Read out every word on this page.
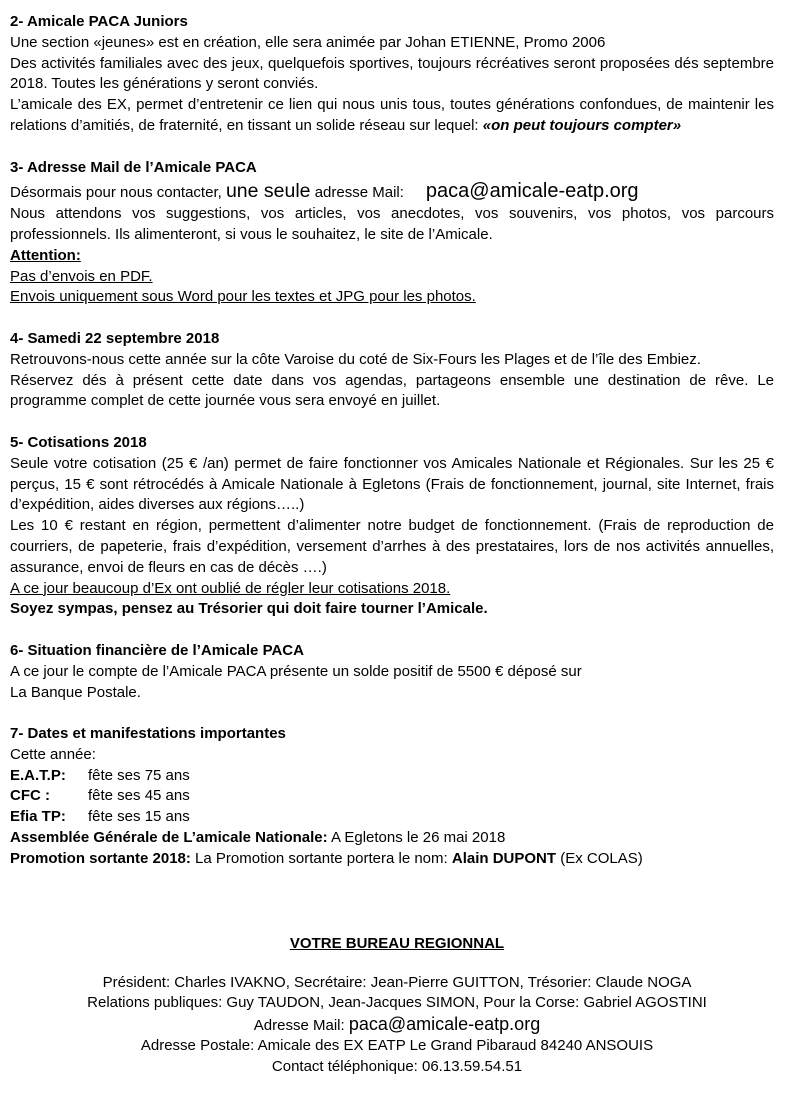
2- Amicale PACA Juniors
Une section «jeunes» est en création, elle sera animée par Johan ETIENNE, Promo 2006
Des activités familiales avec des jeux, quelquefois sportives, toujours récréatives seront proposées dés septembre 2018. Toutes les générations y seront conviés.
L’amicale des EX, permet d’entretenir ce lien qui nous unis tous, toutes générations confondues, de maintenir les relations d’amitiés, de fraternité, en tissant un solide réseau sur lequel: «on peut toujours compter»
3- Adresse Mail de l’Amicale PACA
Désormais pour nous contacter, une seule adresse Mail: paca@amicale-eatp.org
Nous attendons vos suggestions, vos articles, vos anecdotes, vos souvenirs, vos photos, vos parcours professionnels. Ils alimenteront, si vous le souhaitez, le site de l’Amicale.
Attention:
Pas d’envois en PDF.
Envois uniquement sous Word pour les textes et JPG pour les photos.
4- Samedi 22 septembre 2018
Retrouvons-nous cette année sur la côte Varoise du coté de Six-Fours les Plages et de l’île des Embiez.
Réservez dés à présent cette date dans vos agendas, partageons ensemble une destination de rêve. Le programme complet de cette journée vous sera envoyé en juillet.
5- Cotisations 2018
Seule votre cotisation (25 € /an) permet de faire fonctionner vos Amicales Nationale et Régionales. Sur les 25 € perçus, 15 € sont rétrocédés à Amicale Nationale à Egletons (Frais de fonctionnement, journal, site Internet, frais d’expédition, aides diverses aux régions…..)
Les 10 € restant en région, permettent d’alimenter notre budget de fonctionnement. (Frais de reproduction de courriers, de papeterie, frais d’expédition, versement d’arrhes à des prestataires, lors de nos activités annuelles, assurance, envoi de fleurs en cas de décès ….)
A ce jour beaucoup d’Ex ont oublié de régler leur cotisations 2018.
Soyez sympas, pensez au Trésorier qui doit faire tourner l’Amicale.
6- Situation financière de l’Amicale PACA
A ce jour le compte de l’Amicale PACA présente un solde positif de 5500 € déposé sur
La Banque Postale.
7- Dates et manifestations importantes
Cette année:
E.A.T.P: fête ses 75 ans
CFC :	fête ses 45 ans
Efia TP: fête ses 15 ans
Assemblée Générale de L’amicale Nationale: A Egletons le 26 mai 2018
Promotion sortante 2018: La Promotion sortante portera le nom: Alain DUPONT (Ex COLAS)
VOTRE BUREAU REGIONNAL
Président: Charles IVAKNO, Secrétaire: Jean-Pierre GUITTON, Trésorier: Claude NOGA
Relations publiques: Guy TAUDON, Jean-Jacques SIMON, Pour la Corse: Gabriel AGOSTINI
Adresse Mail: paca@amicale-eatp.org
Adresse Postale: Amicale des EX EATP Le Grand Pibaraud 84240 ANSOUIS
Contact téléphonique: 06.13.59.54.51
